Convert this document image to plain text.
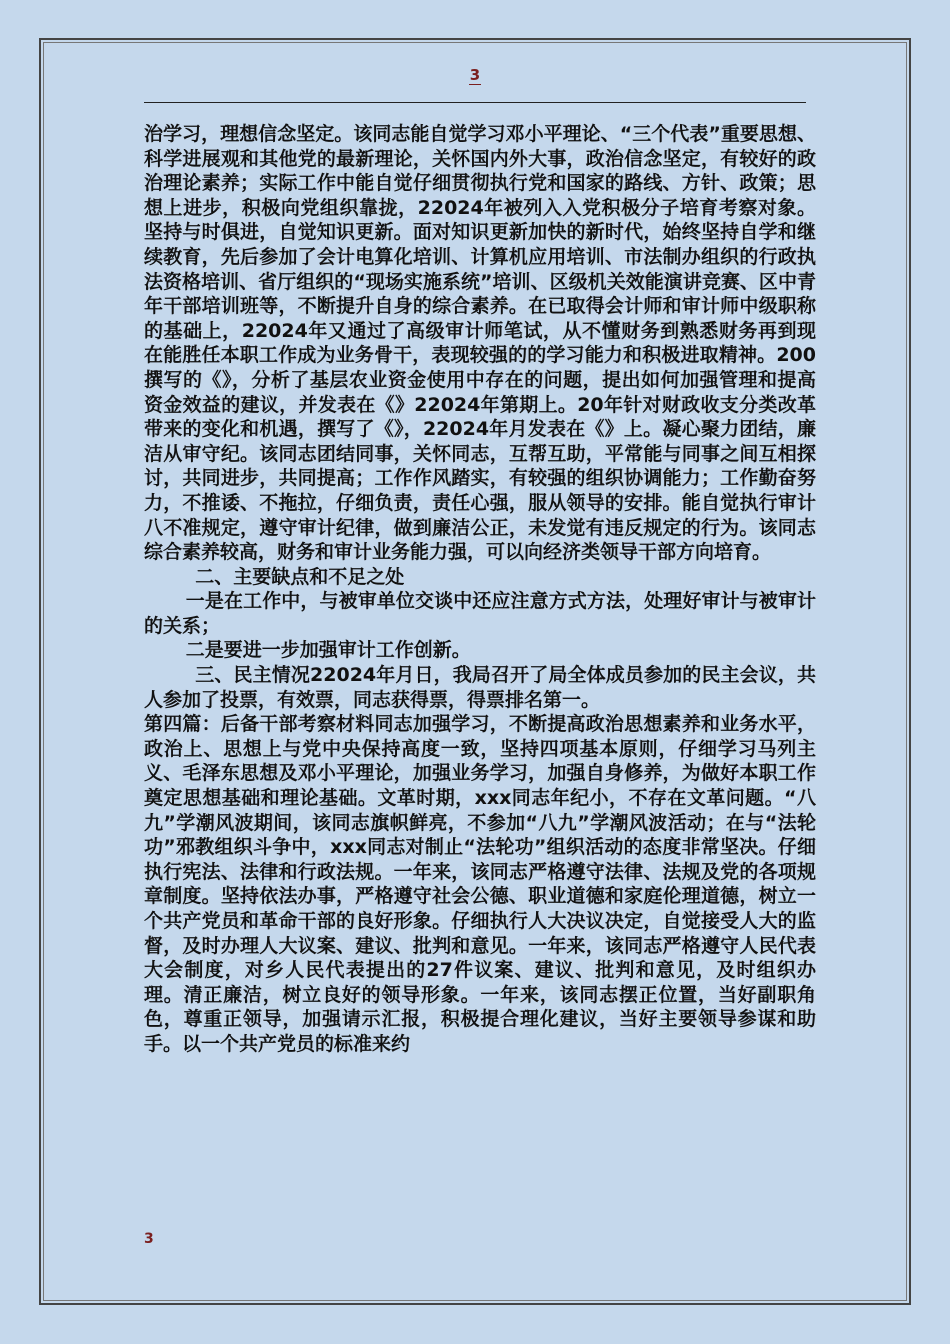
3

治学习，理想信念坚定。该同志能自觉学习邓小平理论、“三个代表”重要思想、科学进展观和其他党的最新理论，关怀国内外大事，政治信念坚定，有较好的政治理论素养；实际工作中能自觉仔细贯彻执行党和国家的路线、方针、政策；思想上进步，积极向党组织靠拢，22024年被列入入党积极分子培育考察对象。坚持与时俱进，自觉知识更新。面对知识更新加快的新时代，始终坚持自学和继续教育，先后参加了会计电算化培训、计算机应用培训、市法制办组织的行政执法资格培训、省厅组织的“现场实施系统”培训、区级机关效能演讲竞赛、区中青年干部培训班等，不断提升自身的综合素养。在已取得会计师和审计师中级职称的基础上，22024年又通过了高级审计师笔试，从不懂财务到熟悉财务再到现在能胜任本职工作成为业务骨干，表现较强的的学习能力和积极进取精神。200撰写的《》，分析了基层农业资金使用中存在的问题，提出如何加强管理和提高资金效益的建议，并发表在《》22024年第期上。20年针对财政收支分类改革带来的变化和机遇，撰写了《》，22024年月发表在《》上。凝心聚力团结，廉洁从审守纪。该同志团结同事，关怀同志，互帮互助，平常能与同事之间互相探讨，共同进步，共同提高；工作作风踏实，有较强的组织协调能力；工作勤奋努力，不推诿、不拖拉，仔细负责，责任心强，服从领导的安排。能自觉执行审计八不准规定，遵守审计纪律，做到廉洁公正，未发觉有违反规定的行为。该同志综合素养较高，财务和审计业务能力强，可以向经济类领导干部方向培育。

二、主要缺点和不足之处

一是在工作中，与被审单位交谈中还应注意方式方法，处理好审计与被审计的关系；

二是要进一步加强审计工作创新。

三、民主情况22024年月日，我局召开了局全体成员参加的民主会议，共人参加了投票，有效票，同志获得票，得票排名第一。

第四篇：后备干部考察材料同志加强学习，不断提高政治思想素养和业务水平，政治上、思想上与党中央保持高度一致，坚持四项基本原则，仔细学习马列主义、毛泽东思想及邓小平理论，加强业务学习，加强自身修养，为做好本职工作奠定思想基础和理论基础。文革时期，xxx同志年纪小，不存在文革问题。“八九”学潮风波期间，该同志旗帜鲜亮，不参加“八九”学潮风波活动；在与“法轮功”邪教组织斗争中，xxx同志对制止“法轮功”组织活动的态度非常坚决。仔细执行宪法、法律和行政法规。一年来，该同志严格遵守法律、法规及党的各项规章制度。坚持依法办事，严格遵守社会公德、职业道德和家庭伦理道德，树立一个共产党员和革命干部的良好形象。仔细执行人大决议决定，自觉接受人大的监督，及时办理人大议案、建议、批判和意见。一年来，该同志严格遵守人民代表大会制度，对乡人民代表提出的27件议案、建议、批判和意见，及时组织办理。清正廉洁，树立良好的领导形象。一年来，该同志摆正位置，当好副职角色，尊重正领导，加强请示汇报，积极提合理化建议，当好主要领导参谋和助手。以一个共产党员的标准来约

3
